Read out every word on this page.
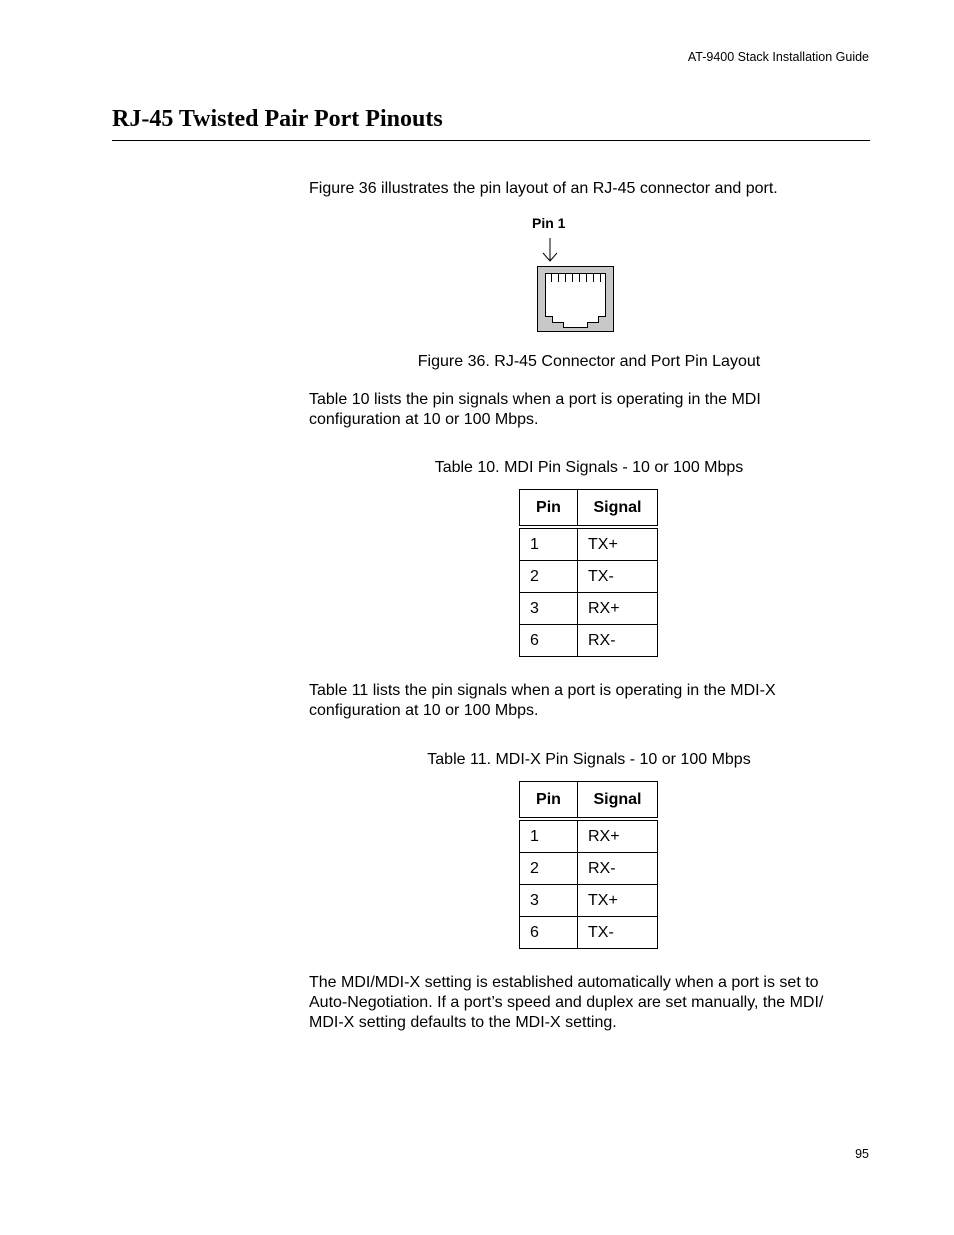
AT-9400 Stack Installation Guide
RJ-45 Twisted Pair Port Pinouts

Figure 36 illustrates the pin layout of an RJ-45 connector and port.

Pin 1

Figure 36. RJ-45 Connector and Port Pin Layout

Table 10 lists the pin signals when a port is operating in the MDI
configuration at 10 or 100 Mbps.

Table 10. MDI Pin Signals - 10 or 100 Mbps

Pin	Signal
1	TX+
2	TX-
3	RX+
6	RX-

Table 11 lists the pin signals when a port is operating in the MDI-X
configuration at 10 or 100 Mbps.

Table 11. MDI-X Pin Signals - 10 or 100 Mbps

Pin	Signal
1	RX+
2	RX-
3	TX+
6	TX-

The MDI/MDI-X setting is established automatically when a port is set to
Auto-Negotiation. If a port’s speed and duplex are set manually, the MDI/
MDI-X setting defaults to the MDI-X setting.

95
